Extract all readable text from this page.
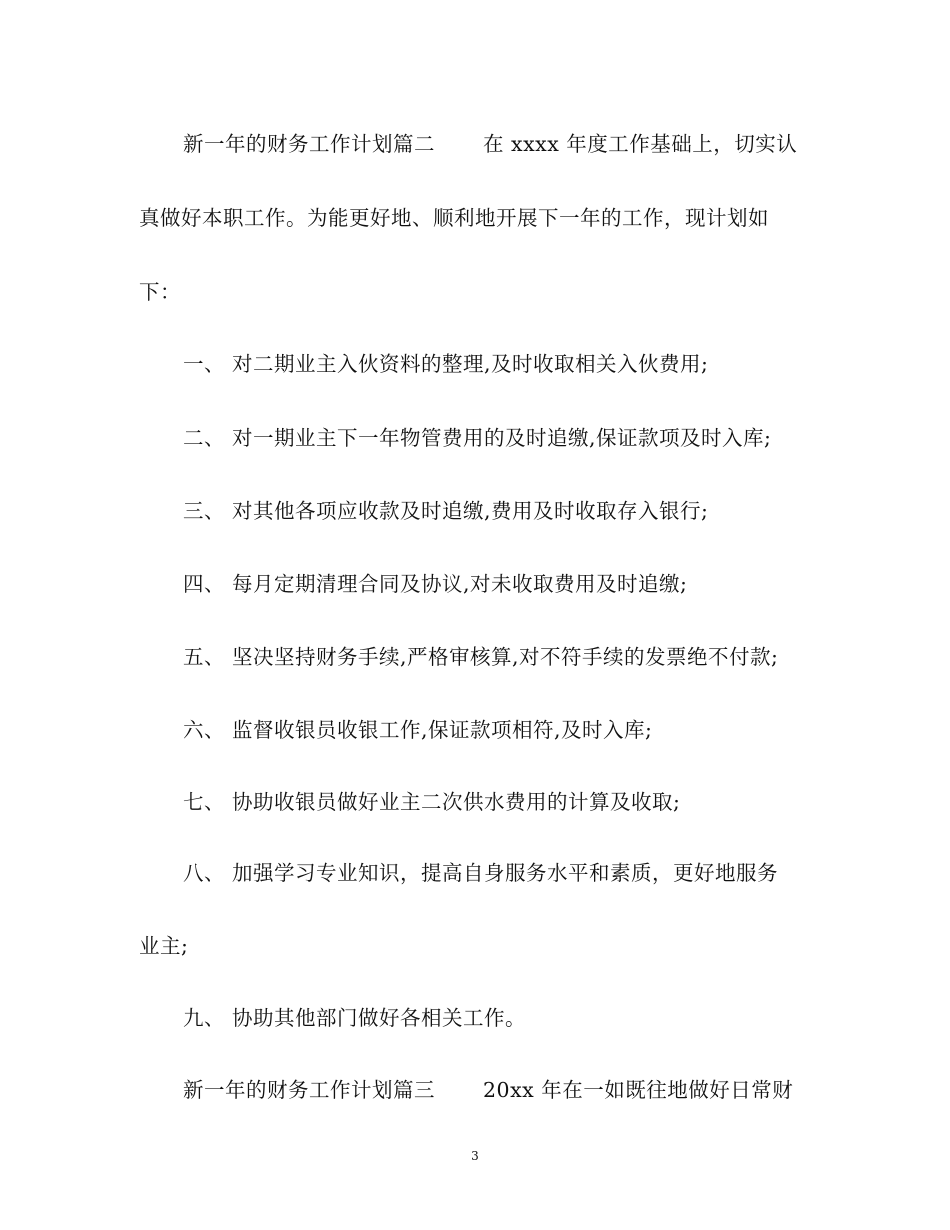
新一年的财务工作计划篇二 在 xxxx 年度工作基础上，切实认
真做好本职工作。为能更好地、顺利地开展下一年的工作，现计划如
下：
一、 对二期业主入伙资料的整理,及时收取相关入伙费用;
二、 对一期业主下一年物管费用的及时追缴,保证款项及时入库;
三、 对其他各项应收款及时追缴,费用及时收取存入银行;
四、 每月定期清理合同及协议,对未收取费用及时追缴;
五、 坚决坚持财务手续,严格审核算,对不符手续的发票绝不付款;
六、 监督收银员收银工作,保证款项相符,及时入库;
七、 协助收银员做好业主二次供水费用的计算及收取;
八、 加强学习专业知识，提高自身服务水平和素质，更好地服务
业主;
九、 协助其他部门做好各相关工作。
新一年的财务工作计划篇三 20xx 年在一如既往地做好日常财
3
